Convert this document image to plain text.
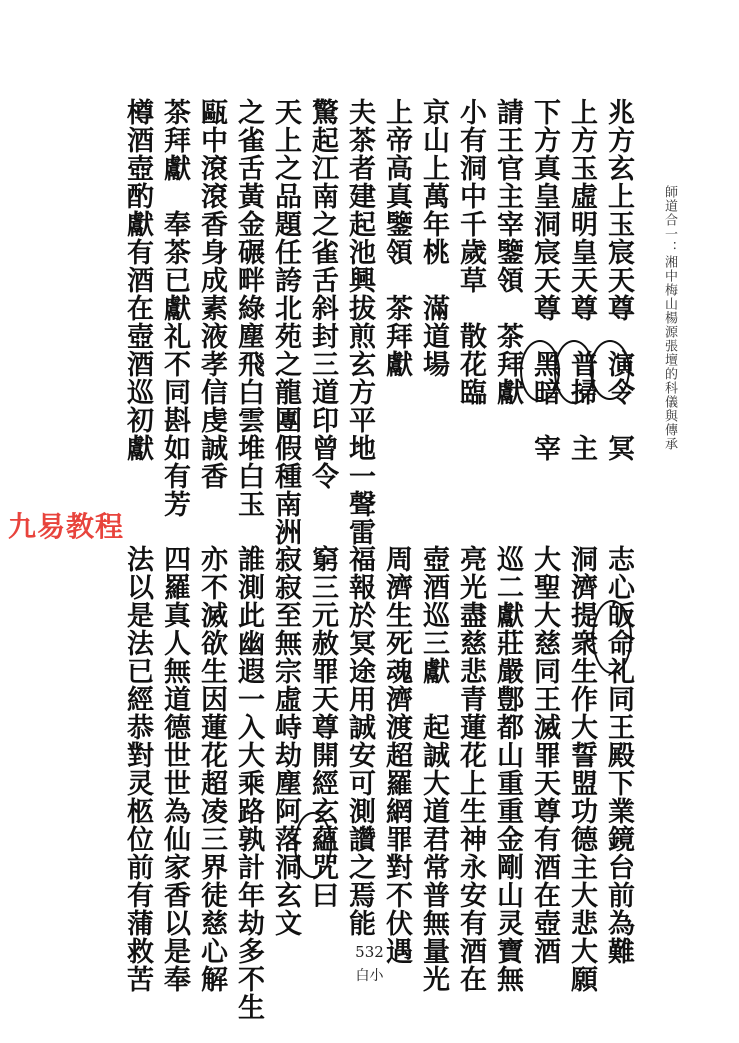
師道合一：湘中梅山楊源張壇的科儀與傳承
兆方玄上玉宸天尊　演令　冥
上方玉虛明皇天尊　普掃　主
下方真皇洞宸天尊　黑暗　宰
請王官主宰鑒領　茶拜獻
小有洞中千歲草　散花臨
京山上萬年桃　滿道場
上帝高真鑒領　茶拜獻
夫茶者建起池興拔煎玄方平地一聲雷
驚起江南之雀舌斜封三道印曾令
天上之品題任誇北苑之龍團假種南洲
之雀舌黃金碾畔綠塵飛白雲堆白玉
甌中滾滾香身成素液孝信虔誠香
茶拜獻　奉茶已獻礼不同斟如有芳
樽酒壺酌獻有酒在壺酒巡初獻
志心皈命礼同王殿下業鏡台前為難
洞濟提衆生作大誓盟功德主大悲大願
大聖大慈同王滅罪天尊有酒在壺酒
巡二獻莊嚴鄷都山重重金剛山灵寶無
亮光盡慈悲青蓮花上生神永安有酒在
壺酒巡三獻　起誠大道君常普無量光
周濟生死魂濟渡超羅網罪對不伏遇
福報於冥途用誠安可測讚之焉能
窮三元赦罪天尊開經玄蘊咒曰
寂寂至無宗虛峙劫塵阿落洞玄文
誰測此幽遐一入大乘路孰計年劫多不生
亦不滅欲生因蓮花超凌三界徒慈心解
四羅真人無道德世世為仙家香以是奉
法以是法已經恭對灵柩位前有蒲救苦
九易教程
532
白小
